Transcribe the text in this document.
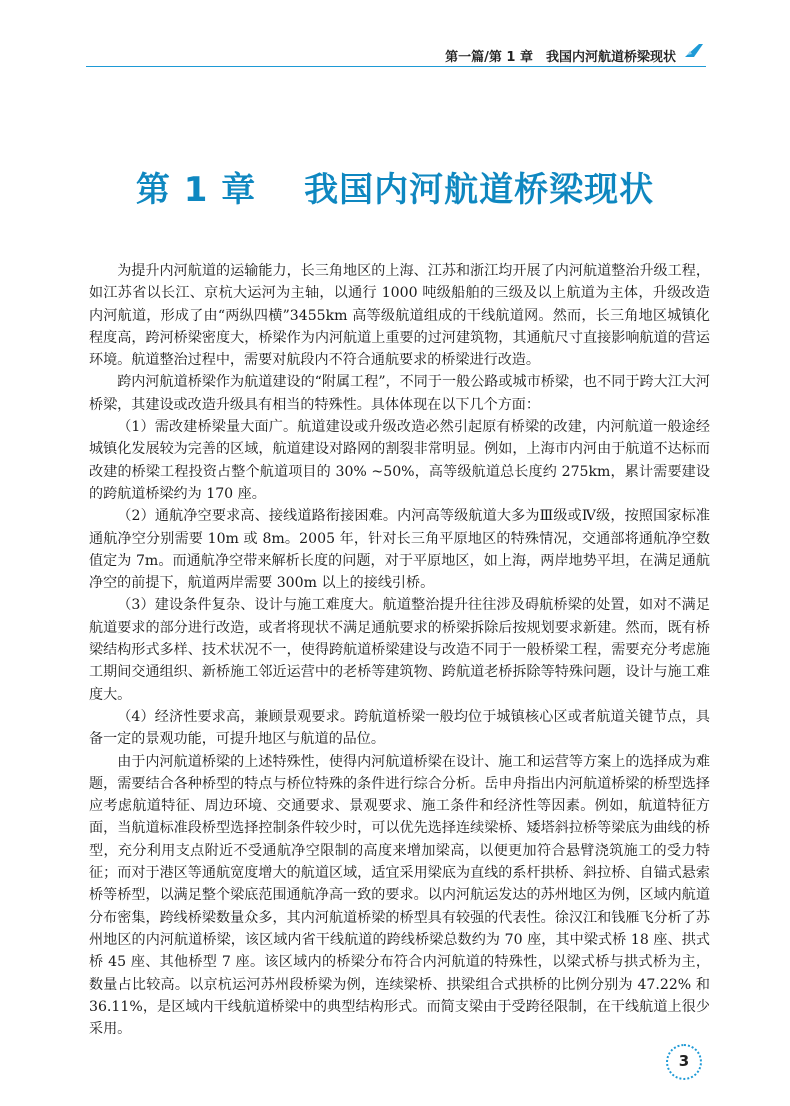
第一篇/第 1 章　我国内河航道桥梁现状
第 1 章　 我国内河航道桥梁现状

为提升内河航道的运输能力，长三角地区的上海、江苏和浙江均开展了内河航道整治升级工程，如江苏省以长江、京杭大运河为主轴，以通行 1000 吨级船舶的三级及以上航道为主体，升级改造内河航道，形成了由“两纵四横”3455km 高等级航道组成的干线航道网。然而，长三角地区城镇化程度高，跨河桥梁密度大，桥梁作为内河航道上重要的过河建筑物，其通航尺寸直接影响航道的营运环境。航道整治过程中，需要对航段内不符合通航要求的桥梁进行改造。

跨内河航道桥梁作为航道建设的“附属工程”，不同于一般公路或城市桥梁，也不同于跨大江大河桥梁，其建设或改造升级具有相当的特殊性。具体体现在以下几个方面：

（1）需改建桥梁量大面广。航道建设或升级改造必然引起原有桥梁的改建，内河航道一般途经城镇化发展较为完善的区域，航道建设对路网的割裂非常明显。例如，上海市内河由于航道不达标而改建的桥梁工程投资占整个航道项目的 30% ~50%，高等级航道总长度约 275km，累计需要建设的跨航道桥梁约为 170 座。

（2）通航净空要求高、接线道路衔接困难。内河高等级航道大多为Ⅲ级或Ⅳ级，按照国家标准通航净空分别需要 10m 或 8m。2005 年，针对长三角平原地区的特殊情况，交通部将通航净空数值定为 7m。而通航净空带来解析长度的问题，对于平原地区，如上海，两岸地势平坦，在满足通航净空的前提下，航道两岸需要 300m 以上的接线引桥。

（3）建设条件复杂、设计与施工难度大。航道整治提升往往涉及碍航桥梁的处置，如对不满足航道要求的部分进行改造，或者将现状不满足通航要求的桥梁拆除后按规划要求新建。然而，既有桥梁结构形式多样、技术状况不一，使得跨航道桥梁建设与改造不同于一般桥梁工程，需要充分考虑施工期间交通组织、新桥施工邻近运营中的老桥等建筑物、跨航道老桥拆除等特殊问题，设计与施工难度大。

（4）经济性要求高，兼顾景观要求。跨航道桥梁一般均位于城镇核心区或者航道关键节点，具备一定的景观功能，可提升地区与航道的品位。

由于内河航道桥梁的上述特殊性，使得内河航道桥梁在设计、施工和运营等方案上的选择成为难题，需要结合各种桥型的特点与桥位特殊的条件进行综合分析。岳申舟指出内河航道桥梁的桥型选择应考虑航道特征、周边环境、交通要求、景观要求、施工条件和经济性等因素。例如，航道特征方面，当航道标准段桥型选择控制条件较少时，可以优先选择连续梁桥、矮塔斜拉桥等梁底为曲线的桥型，充分利用支点附近不受通航净空限制的高度来增加梁高，以便更加符合悬臂浇筑施工的受力特征；而对于港区等通航宽度增大的航道区域，适宜采用梁底为直线的系杆拱桥、斜拉桥、自锚式悬索桥等桥型，以满足整个梁底范围通航净高一致的要求。以内河航运发达的苏州地区为例，区域内航道分布密集，跨线桥梁数量众多，其内河航道桥梁的桥型具有较强的代表性。徐汉江和钱雁飞分析了苏州地区的内河航道桥梁，该区域内省干线航道的跨线桥梁总数约为 70 座，其中梁式桥 18 座、拱式桥 45 座、其他桥型 7 座。该区域内的桥梁分布符合内河航道的特殊性，以梁式桥与拱式桥为主，数量占比较高。以京杭运河苏州段桥梁为例，连续梁桥、拱梁组合式拱桥的比例分别为 47.22% 和 36.11%，是区域内干线航道桥梁中的典型结构形式。而简支梁由于受跨径限制，在干线航道上很少采用。

3
